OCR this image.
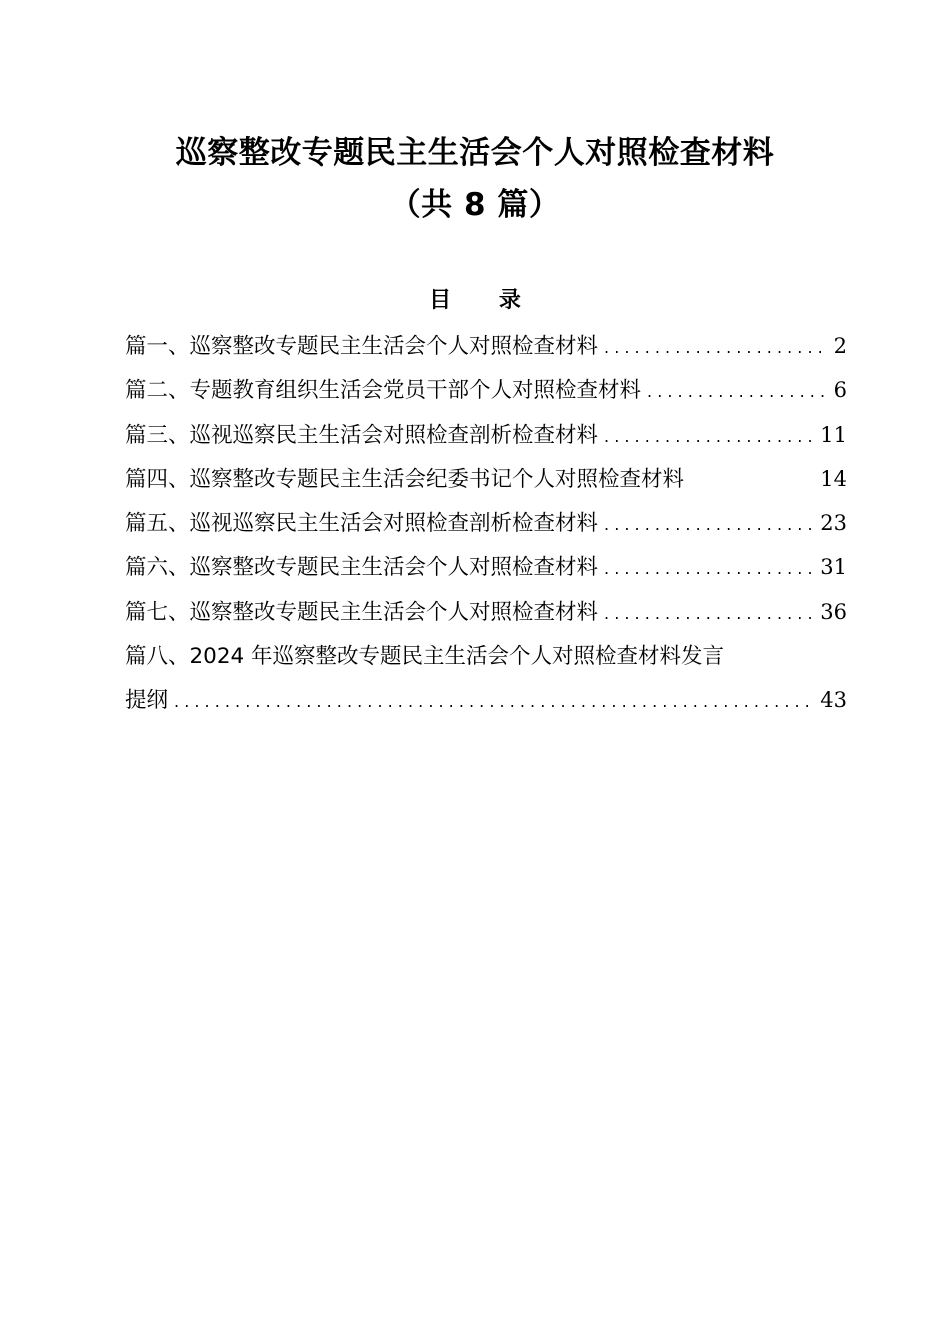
巡察整改专题民主生活会个人对照检查材料
（共 8 篇）
目 录
篇一、巡察整改专题民主生活会个人对照检查材料 . . .	2
篇二、专题教育组织生活会党员干部个人对照检查材料 . . .	6
篇三、巡视巡察民主生活会对照检查剖析检查材料 . . .	11
篇四、巡察整改专题民主生活会纪委书记个人对照检查材料	14
篇五、巡视巡察民主生活会对照检查剖析检查材料 . . .	23
篇六、巡察整改专题民主生活会个人对照检查材料 . . .	31
篇七、巡察整改专题民主生活会个人对照检查材料 . . .	36
篇八、2024 年巡察整改专题民主生活会个人对照检查材料发言
提纲 . . .	43
